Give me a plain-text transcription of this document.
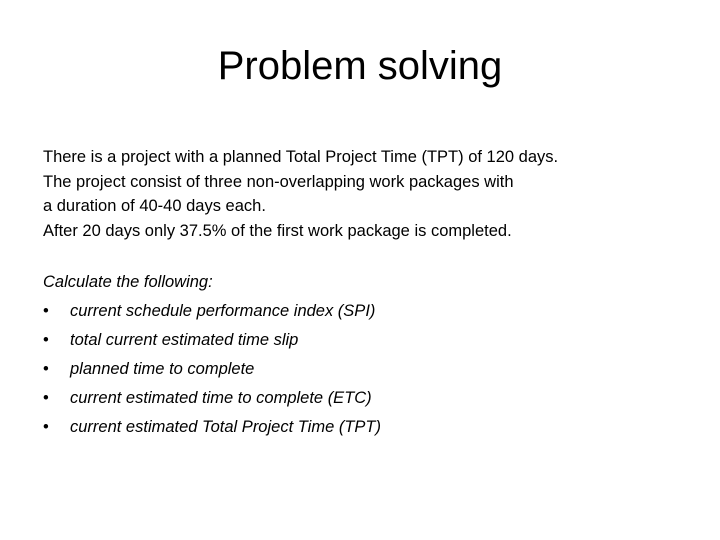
Problem solving
There is a project with a planned Total Project Time (TPT) of 120 days.
The project consist of three non-overlapping work packages with
a duration of 40-40 days each.
After 20 days only 37.5% of the first work package is completed.
Calculate the following:
•	current schedule performance index (SPI)
•	total current estimated time slip
•	planned time to complete
•	current estimated time to complete (ETC)
•	current estimated Total Project Time (TPT)
